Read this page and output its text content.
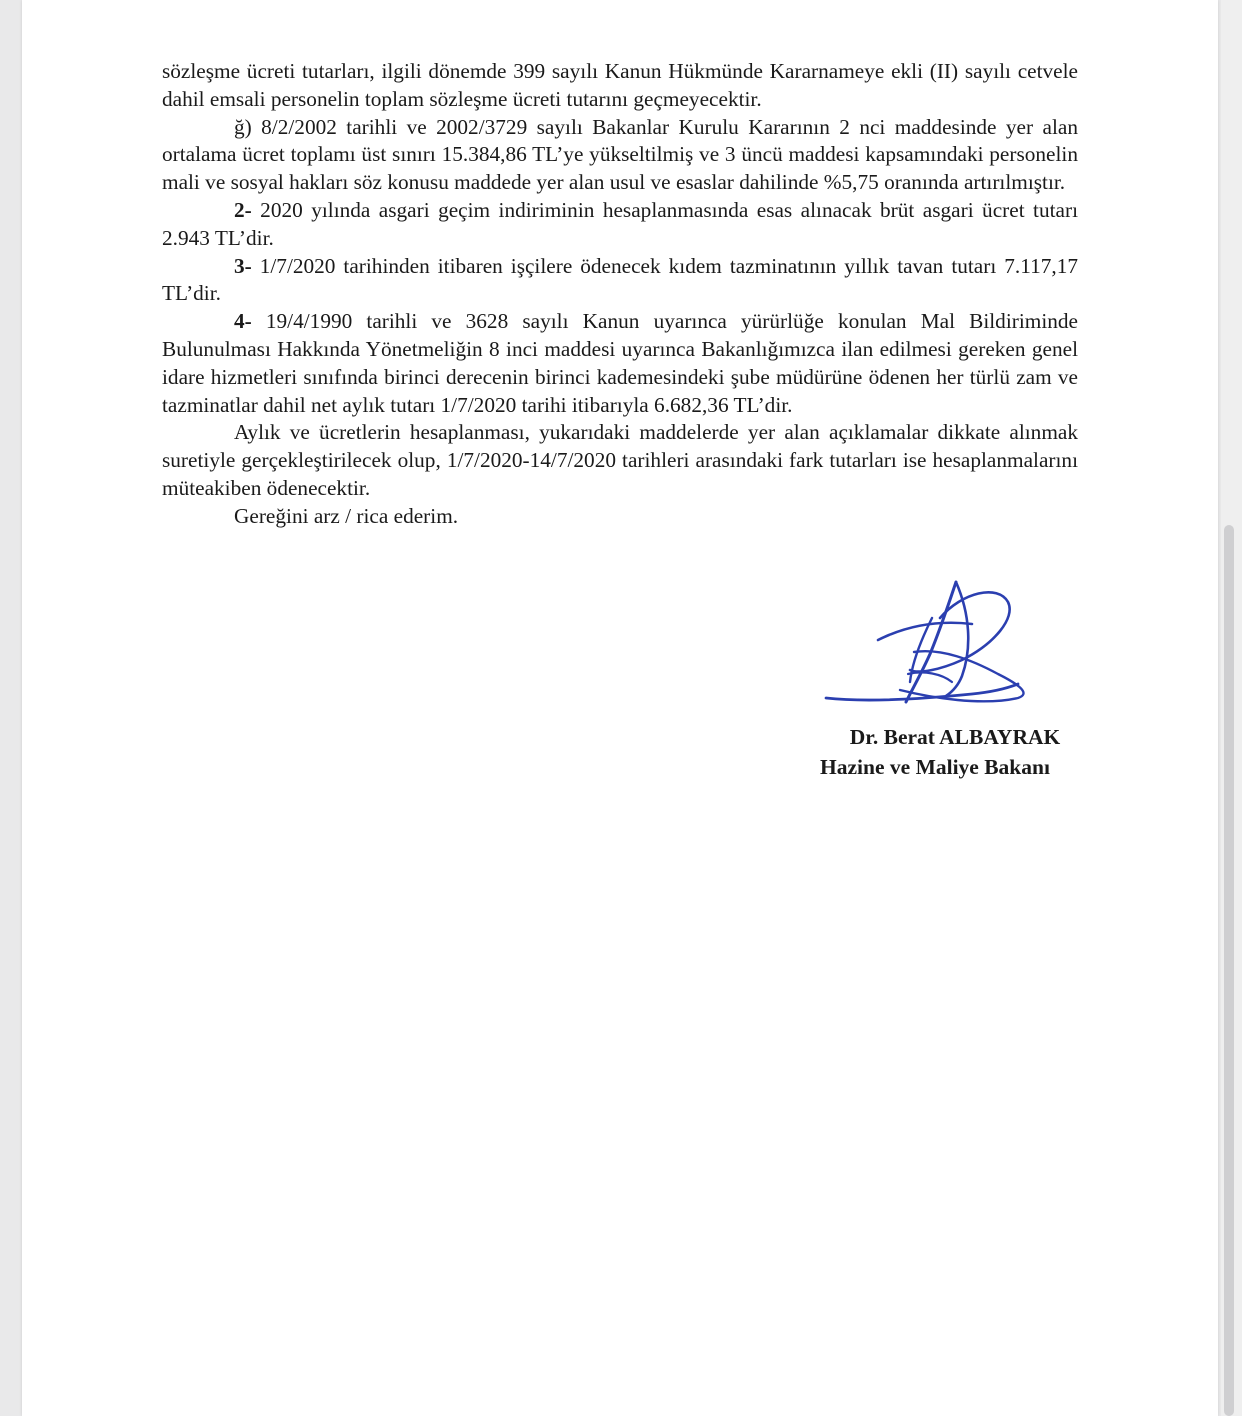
sözleşme ücreti tutarları, ilgili dönemde 399 sayılı Kanun Hükmünde Kararnameye ekli (II) sayılı cetvele dahil emsali personelin toplam sözleşme ücreti tutarını geçmeyecektir.

ğ) 8/2/2002 tarihli ve 2002/3729 sayılı Bakanlar Kurulu Kararının 2 nci maddesinde yer alan ortalama ücret toplamı üst sınırı 15.384,86 TL’ye yükseltilmiş ve 3 üncü maddesi kapsamındaki personelin mali ve sosyal hakları söz konusu maddede yer alan usul ve esaslar dahilinde %5,75 oranında artırılmıştır.

2- 2020 yılında asgari geçim indiriminin hesaplanmasında esas alınacak brüt asgari ücret tutarı 2.943 TL’dir.

3- 1/7/2020 tarihinden itibaren işçilere ödenecek kıdem tazminatının yıllık tavan tutarı 7.117,17 TL’dir.

4- 19/4/1990 tarihli ve 3628 sayılı Kanun uyarınca yürürlüğe konulan Mal Bildiriminde Bulunulması Hakkında Yönetmeliğin 8 inci maddesi uyarınca Bakanlığımızca ilan edilmesi gereken genel idare hizmetleri sınıfında birinci derecenin birinci kademesindeki şube müdürüne ödenen her türlü zam ve tazminatlar dahil net aylık tutarı 1/7/2020 tarihi itibarıyla 6.682,36 TL’dir.

Aylık ve ücretlerin hesaplanması, yukarıdaki maddelerde yer alan açıklamalar dikkate alınmak suretiyle gerçekleştirilecek olup, 1/7/2020-14/7/2020 tarihleri arasındaki fark tutarları ise hesaplanmalarını müteakiben ödenecektir.

Gereğini arz / rica ederim.

Dr. Berat ALBAYRAK
Hazine ve Maliye Bakanı
